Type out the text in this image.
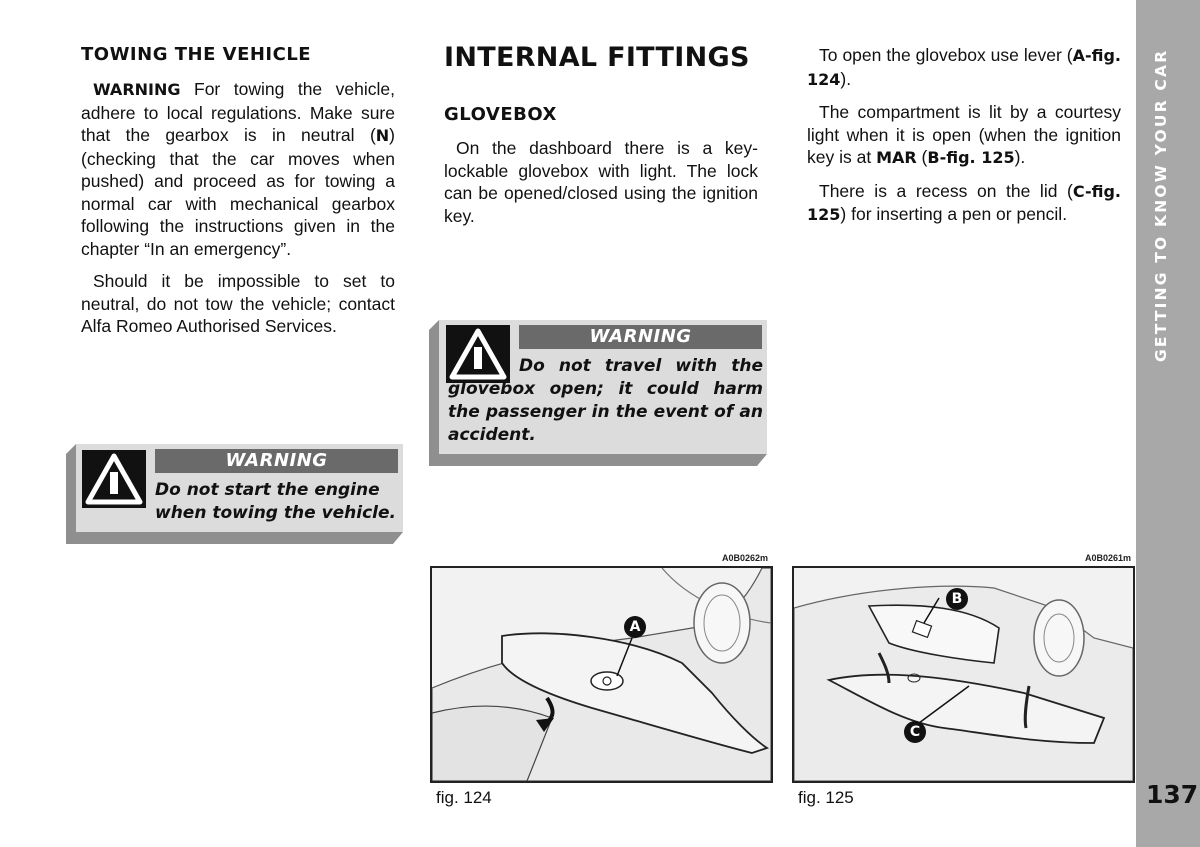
GETTING TO KNOW YOUR CAR
137
TOWING THE VEHICLE

WARNING For towing the vehicle, adhere to local regulations. Make sure that the gearbox is in neutral (N) (checking that the car moves when pushed) and proceed as for towing a normal car with mechanical gearbox following the instructions given in the chapter “In an emergency”.

Should it be impossible to set to neutral, do not tow the vehicle; contact Alfa Romeo Authorised Services.

WARNING
Do not start the engine when towing the vehicle.
INTERNAL FITTINGS
GLOVEBOX

On the dashboard there is a key-lockable glovebox with light. The lock can be opened/closed using the ignition key.

WARNING
Do not travel with the glovebox open; it could harm the passenger in the event of an accident.

To open the glovebox use lever (A-fig. 124).

The compartment is lit by a courtesy light when it is open (when the ignition key is at MAR (B-fig. 125).

There is a recess on the lid (C-fig. 125) for inserting a pen or pencil.

A0B0262m
A
fig. 124
A0B0261m
B
C
fig. 125
